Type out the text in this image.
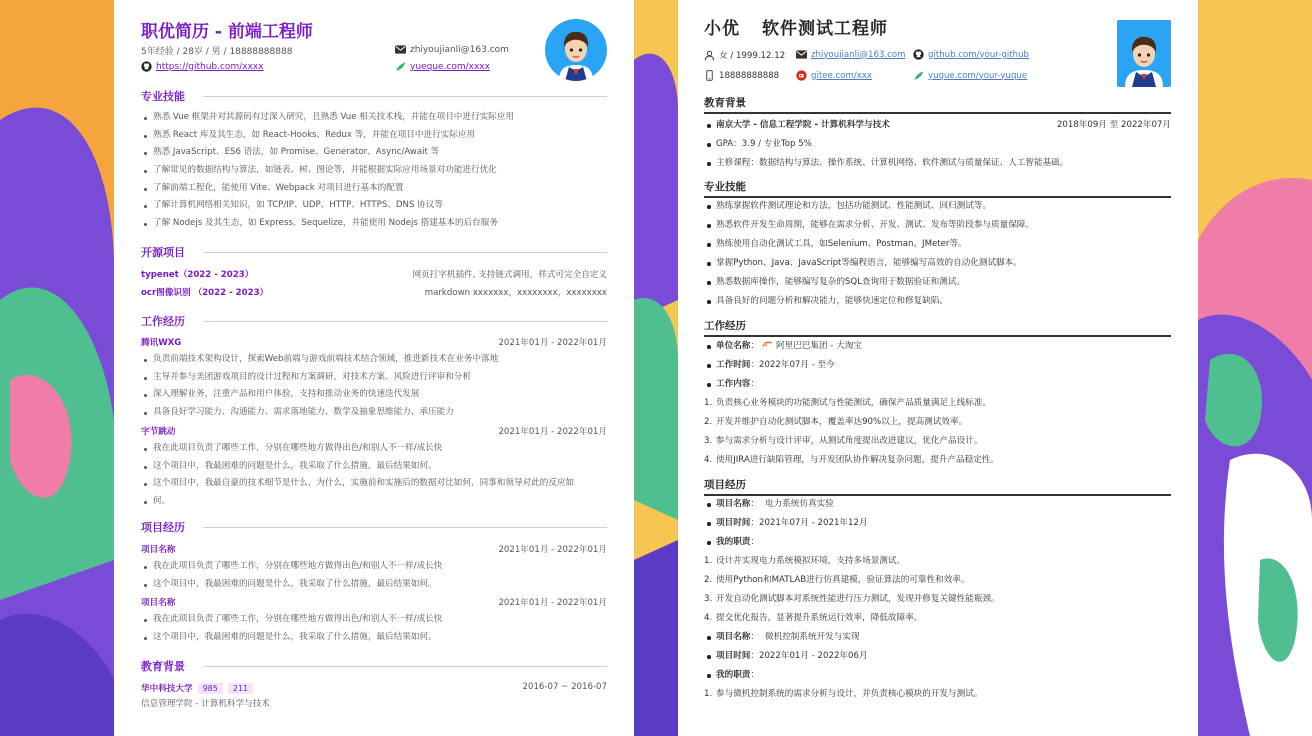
职优简历 - 前端工程师
5年经验 / 28岁 / 男 / 18888888888
https://github.com/xxxx
zhiyoujianli@163.com
yueque.com/xxxx
专业技能
熟悉 Vue 框架并对其源码有过深入研究，且熟悉 Vue 相关技术栈，并能在项目中进行实际应用
熟悉 React 库及其生态，如 React-Hooks、Redux 等，并能在项目中进行实际应用
熟悉 JavaScript、ES6 语法，如 Promise、Generator、Async/Await 等
了解常见的数据结构与算法，如链表、树、图论等，并能根据实际应用场景对功能进行优化
了解前端工程化，能使用 Vite、Webpack 对项目进行基本的配置
了解计算机网络相关知识，如 TCP/IP、UDP、HTTP、HTTPS、DNS 协议等
了解 Nodejs 及其生态，如 Express、Sequelize，并能使用 Nodejs 搭建基本的后台服务
开源项目
typenet（2022 - 2023）	网页打字机插件, 支持链式调用，样式可完全自定义
ocr图像识别 （2022 - 2023）	markdown xxxxxxx，xxxxxxxx，xxxxxxxx
工作经历
腾讯WXG	2021年01月 - 2022年01月
负责前端技术架构设计，探索Web前端与游戏前端技术结合领域，推进新技术在业务中落地
主导并参与美团游戏项目的设计过程和方案调研，对技术方案、风险进行评审和分析
深入理解业务，注重产品和用户体验，支持和推动业务的快速迭代发展
具备良好学习能力、沟通能力、需求落地能力、数学及抽象思维能力、承压能力
字节跳动	2021年01月 - 2022年01月
我在此项目负责了哪些工作，分别在哪些地方做得出色/和别人不一样/成长快
这个项目中，我最困难的问题是什么，我采取了什么措施，最后结果如何。
这个项目中，我最自豪的技术细节是什么，为什么，实施前和实施后的数据对比如何，同事和领导对此的反应如
何。
项目经历
项目名称	2021年01月 - 2022年01月
我在此项目负责了哪些工作，分别在哪些地方做得出色/和别人不一样/成长快
这个项目中，我最困难的问题是什么，我采取了什么措施，最后结果如何。
项目名称	2021年01月 - 2022年01月
我在此项目负责了哪些工作，分别在哪些地方做得出色/和别人不一样/成长快
这个项目中，我最困难的问题是什么，我采取了什么措施，最后结果如何。
教育背景
华中科技大学 985 211	2016-07 ~ 2016-07
信息管理学院 - 计算机科学与技术
小优 软件测试工程师
女 / 1999.12.12	zhiyoujianli@163.com	github.com/your-github
18888888888	gitee.com/xxx	yuque.com/your-yuque
教育背景
南京大学 - 信息工程学院 - 计算机科学与技术	2018年09月 至 2022年07月
GPA：3.9 / 专业Top 5%
主修课程：数据结构与算法、操作系统、计算机网络、软件测试与质量保证、人工智能基础。
专业技能
熟练掌握软件测试理论和方法，包括功能测试、性能测试、回归测试等。
熟悉软件开发生命周期，能够在需求分析、开发、测试、发布等阶段参与质量保障。
熟练使用自动化测试工具，如Selenium、Postman、JMeter等。
掌握Python、Java、JavaScript等编程语言，能够编写高效的自动化测试脚本。
熟悉数据库操作，能够编写复杂的SQL查询用于数据验证和测试。
具备良好的问题分析和解决能力，能够快速定位和修复缺陷。
工作经历
单位名称： 阿里巴巴集团 - 大淘宝
工作时间：2022年07月 - 至今
工作内容：
1. 负责核心业务模块的功能测试与性能测试，确保产品质量满足上线标准。
2. 开发并维护自动化测试脚本，覆盖率达90%以上，提高测试效率。
3. 参与需求分析与设计评审，从测试角度提出改进建议，优化产品设计。
4. 使用JIRA进行缺陷管理，与开发团队协作解决复杂问题，提升产品稳定性。
项目经历
项目名称： 电力系统仿真实验
项目时间：2021年07月 - 2021年12月
我的职责：
1. 设计并实现电力系统模拟环境，支持多场景测试。
2. 使用Python和MATLAB进行仿真建模，验证算法的可靠性和效率。
3. 开发自动化测试脚本对系统性能进行压力测试，发现并修复关键性能瓶颈。
4. 提交优化报告，显著提升系统运行效率，降低故障率。
项目名称： 微机控制系统开发与实现
项目时间：2022年01月 - 2022年06月
我的职责：
1. 参与微机控制系统的需求分析与设计，并负责核心模块的开发与测试。
